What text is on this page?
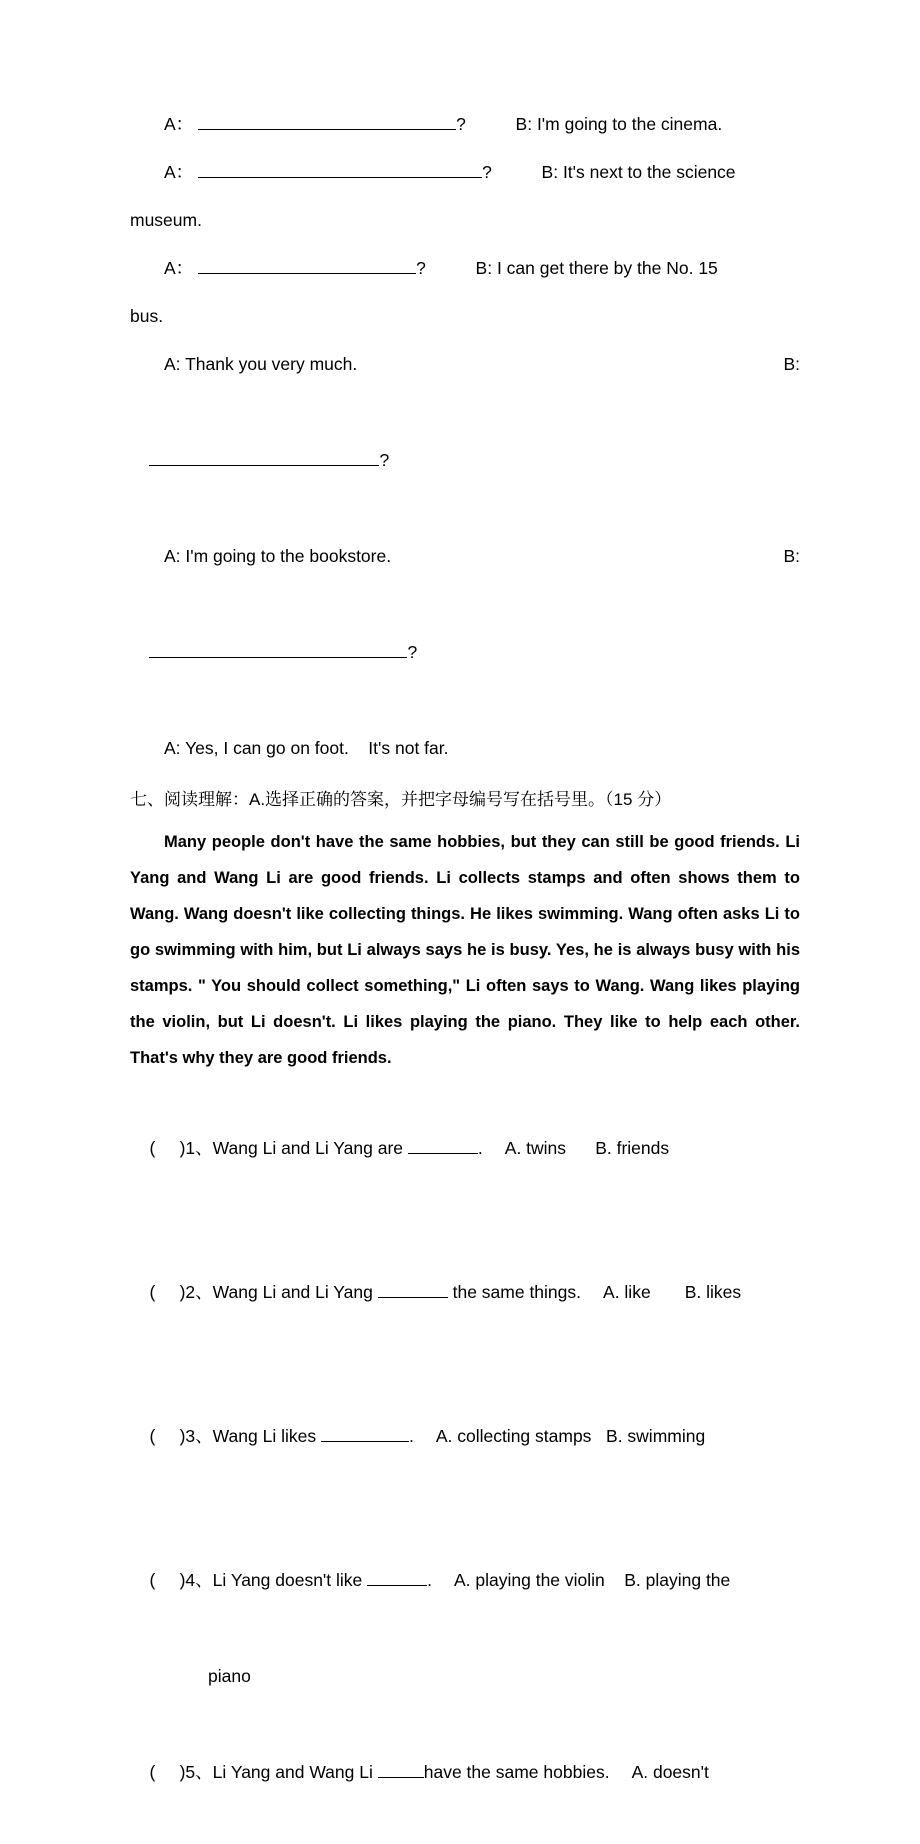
A：	?	B: I'm going to the cinema.
A：	?	B: It's next to the science
museum.
A：	?	B: I can get there by the No. 15
bus.
A: Thank you very much.	B:

?

A: I'm going to the bookstore.	B:

?

A: Yes, I can go on foot.    It's not far.
七、阅读理解：A.选择正确的答案，并把字母编号写在括号里。（15 分）
Many people don't have the same hobbies, but they can still be good friends. Li Yang and Wang Li are good friends. Li collects stamps and often shows them to Wang. Wang doesn't like collecting things. He likes swimming. Wang often asks Li to go swimming with him, but Li always says he is busy. Yes, he is always busy with his stamps. " You should collect something," Li often says to Wang. Wang likes playing the violin, but Li doesn't. Li likes playing the piano. They like to help each other. That's why they are good friends.

(     )1、Wang Li and Li Yang are	. A. twins      B. friends

(     )2、Wang Li and Li Yang	the same things. A. like       B. likes

(     )3、Wang Li likes	. A. collecting stamps   B. swimming

(     )4、Li Yang doesn't like	. A. playing the violin    B. playing the

piano

(     )5、Li Yang and Wang Li	have the same hobbies. A. doesn't
